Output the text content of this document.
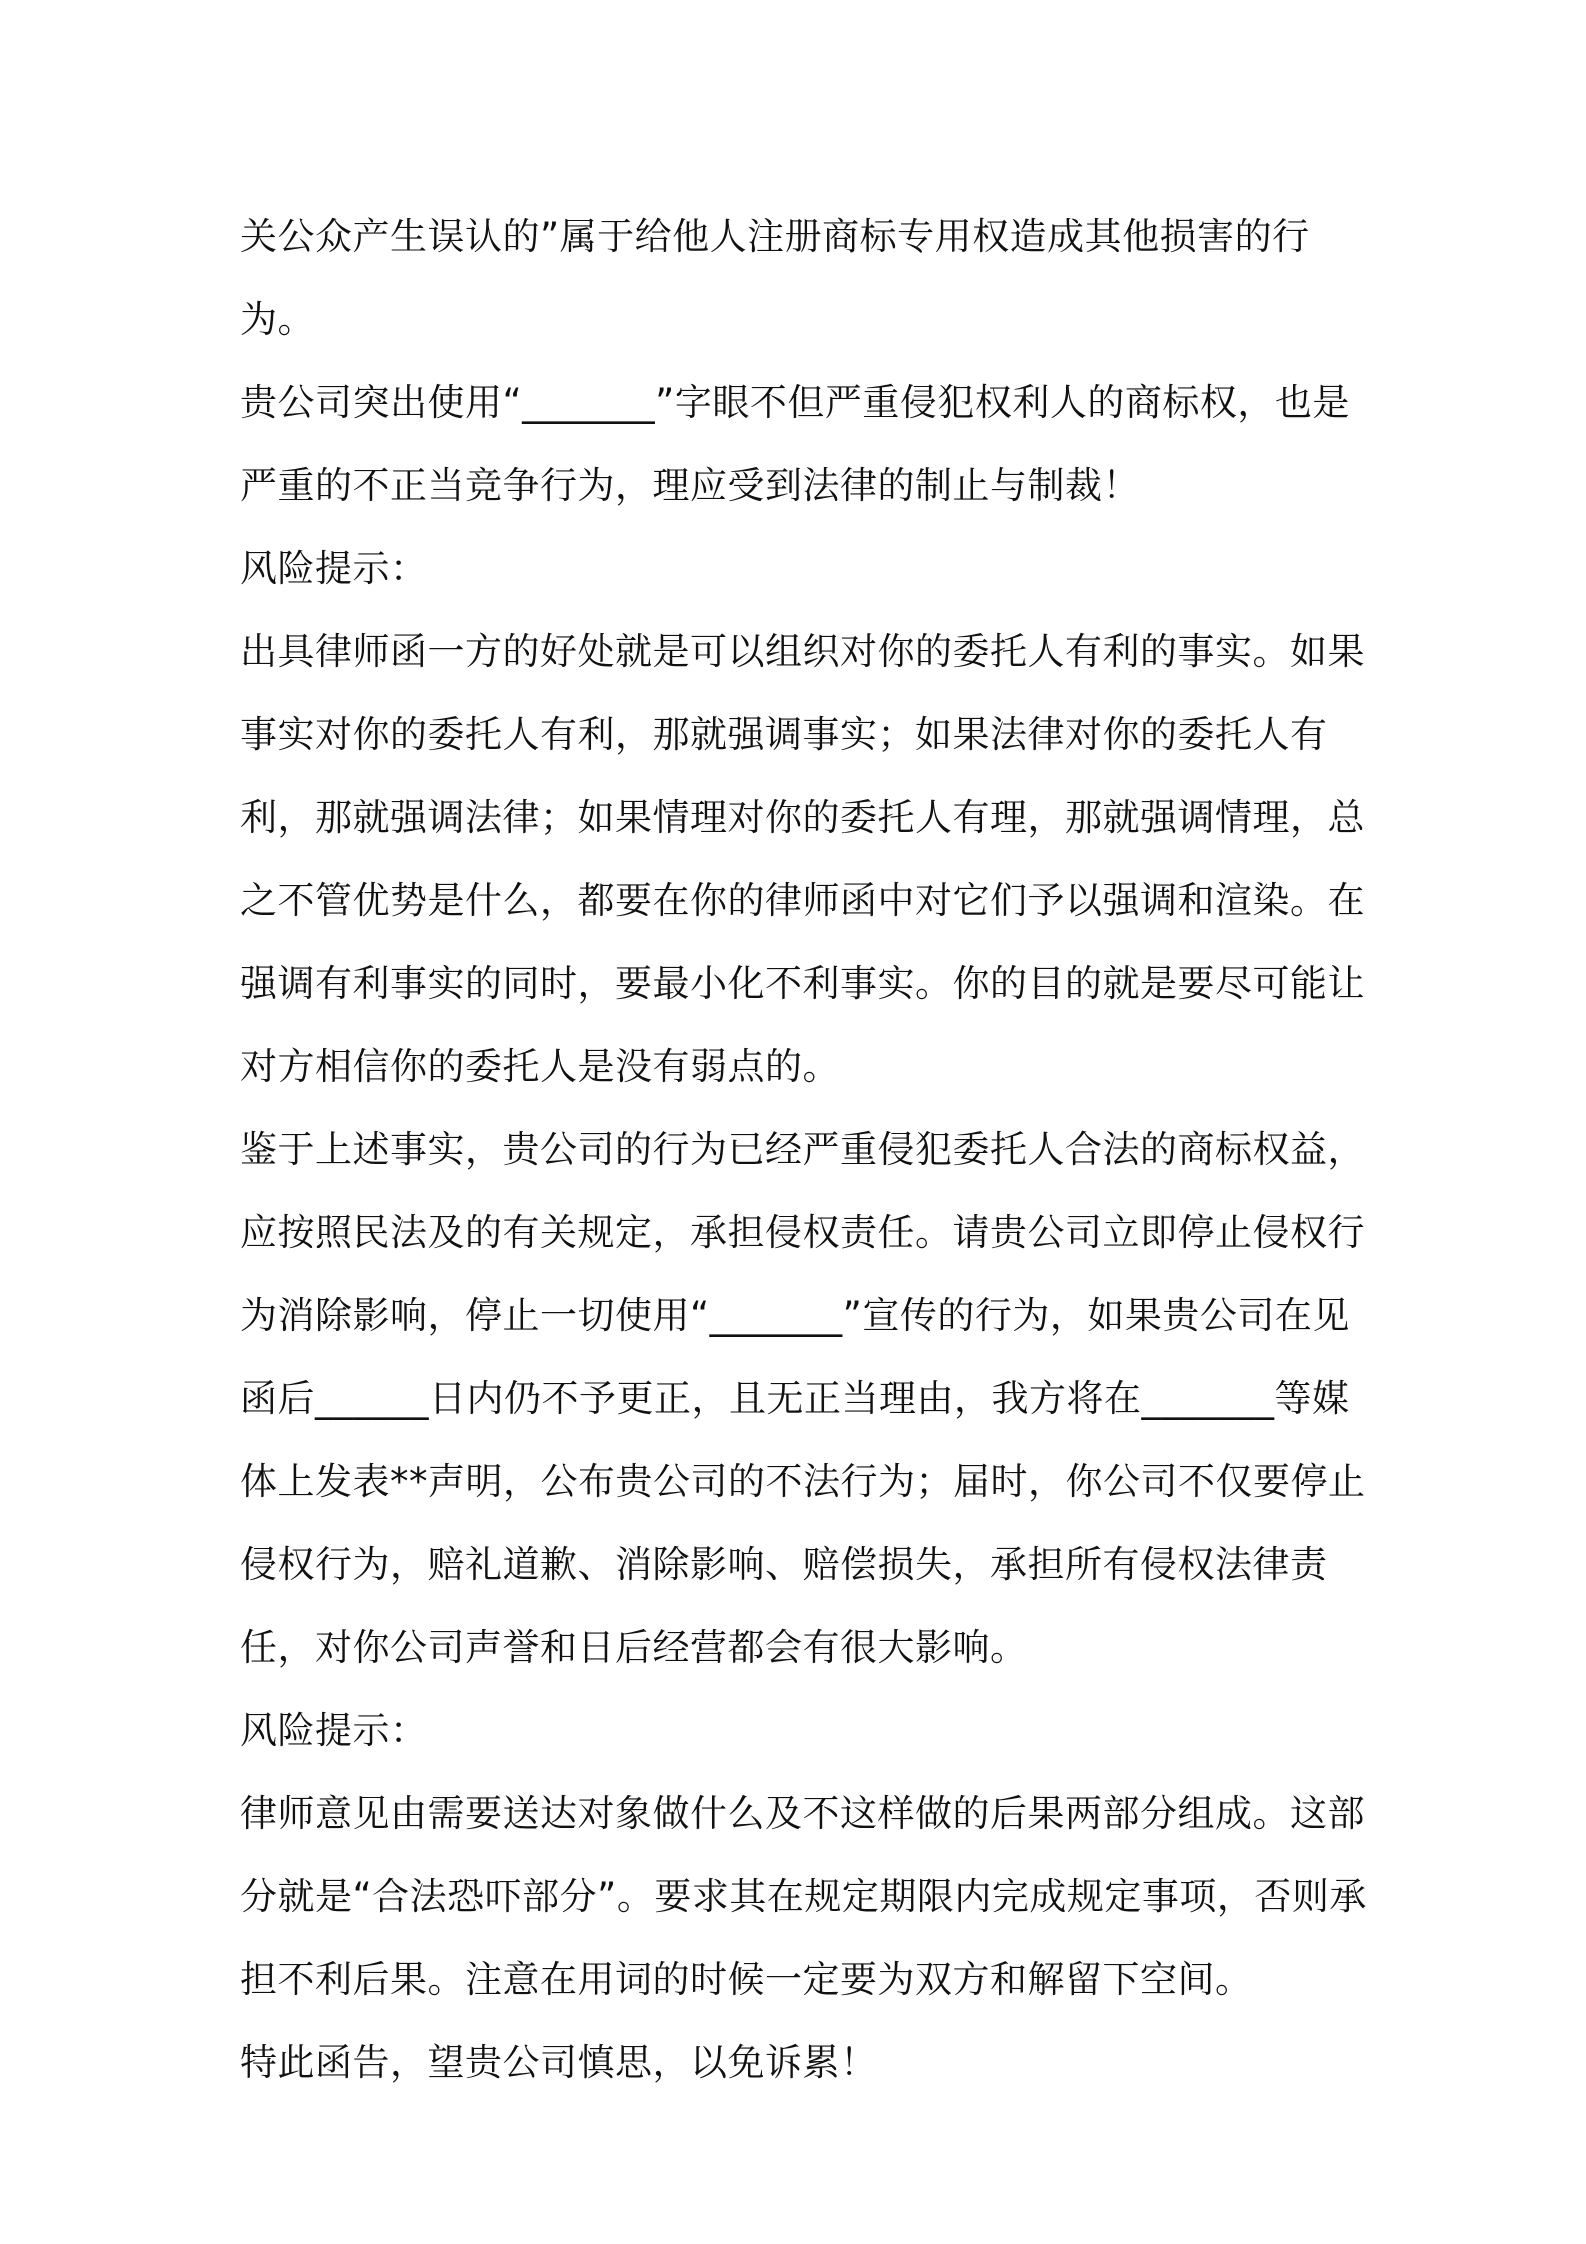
关公众产生误认的”属于给他人注册商标专用权造成其他损害的行为。

贵公司突出使用“_______”字眼不但严重侵犯权利人的商标权，也是严重的不正当竞争行为，理应受到法律的制止与制裁！

风险提示：

出具律师函一方的好处就是可以组织对你的委托人有利的事实。如果事实对你的委托人有利，那就强调事实；如果法律对你的委托人有利，那就强调法律；如果情理对你的委托人有理，那就强调情理，总之不管优势是什么，都要在你的律师函中对它们予以强调和渲染。在强调有利事实的同时，要最小化不利事实。你的目的就是要尽可能让对方相信你的委托人是没有弱点的。

鉴于上述事实，贵公司的行为已经严重侵犯委托人合法的商标权益，应按照民法及的有关规定，承担侵权责任。请贵公司立即停止侵权行为消除影响，停止一切使用“_______”宣传的行为，如果贵公司在见函后______日内仍不予更正，且无正当理由，我方将在_______等媒体上发表**声明，公布贵公司的不法行为；届时，你公司不仅要停止侵权行为，赔礼道歉、消除影响、赔偿损失，承担所有侵权法律责任，对你公司声誉和日后经营都会有很大影响。

风险提示：

律师意见由需要送达对象做什么及不这样做的后果两部分组成。这部分就是“合法恐吓部分”。要求其在规定期限内完成规定事项，否则承担不利后果。注意在用词的时候一定要为双方和解留下空间。

特此函告，望贵公司慎思，以免诉累！
